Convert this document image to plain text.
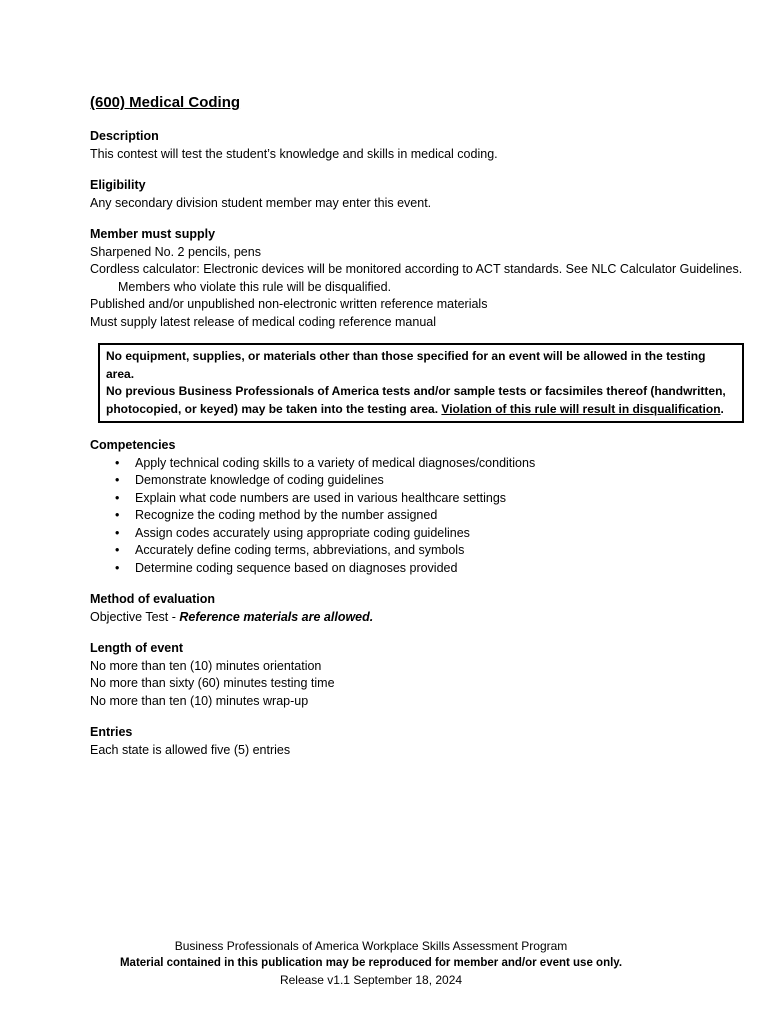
(600) Medical Coding
Description

This contest will test the student’s knowledge and skills in medical coding.

Eligibility

Any secondary division student member may enter this event.

Member must supply

Sharpened No. 2 pencils, pens

Cordless calculator: Electronic devices will be monitored according to ACT standards. See NLC Calculator Guidelines. Members who violate this rule will be disqualified.

Published and/or unpublished non-electronic written reference materials

Must supply latest release of medical coding reference manual

No equipment, supplies, or materials other than those specified for an event will be allowed in the testing area.
No previous Business Professionals of America tests and/or sample tests or facsimiles thereof (handwritten, photocopied, or keyed) may be taken into the testing area. Violation of this rule will result in disqualification.
Competencies
• Apply technical coding skills to a variety of medical diagnoses/conditions
• Demonstrate knowledge of coding guidelines
• Explain what code numbers are used in various healthcare settings
• Recognize the coding method by the number assigned
• Assign codes accurately using appropriate coding guidelines
• Accurately define coding terms, abbreviations, and symbols
• Determine coding sequence based on diagnoses provided
Method of evaluation

Objective Test - Reference materials are allowed.

Length of event

No more than ten (10) minutes orientation

No more than sixty (60) minutes testing time

No more than ten (10) minutes wrap-up

Entries

Each state is allowed five (5) entries

Business Professionals of America Workplace Skills Assessment Program
Material contained in this publication may be reproduced for member and/or event use only.
Release v1.1 September 18, 2024
